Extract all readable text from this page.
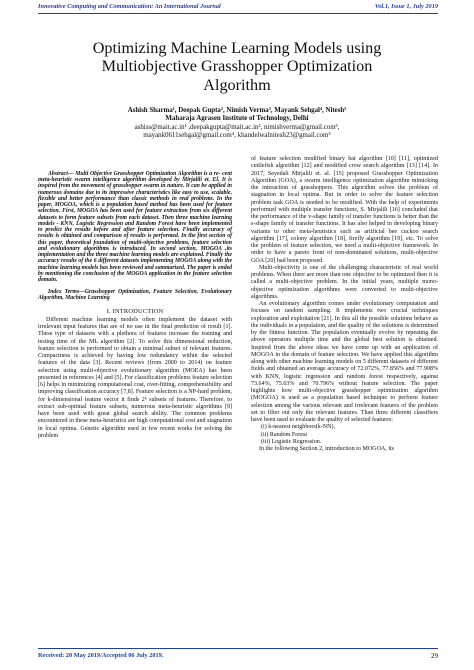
Innovative Computing and Communication: An International Journal	Vol.1, Issue 1, July 2019
Optimizing Machine Learning Models using
Multiobjective Grasshopper Optimization
Algorithm
Ashish Sharma¹, Deepak Gupta², Nimish Verma³, Mayank Sehgal⁴, Nitesh⁵
Maharaja Agrasen Institute of Technology, Delhi
ashiss@mait.ac.in¹ ,deepakgupta@mait.ac.in², nimishverma@gmail.com³,
mayank0611sehgal@gmail.com⁴, khandelwalnitesh23@gmail.com⁵

Abstract— Multi Objective Grasshopper Optimization Algorithm is a re- cent meta-heuristic swarm intelligence algorithm developed by Mirjalili et. El. It is inspired from the movement of grasshopper swarm in nature. It can be applied in numerous domains due to its impressive characteristics like easy to use, scalable, flexible and better performance than classic methods in real problems. In the paper, MOGOA, which is a population based method has been used for feature selection. First, MOGOA has been used for feature extraction from six different datasets to form feature subsets from each dataset. Then three machine learning models - KNN, Logistic Regression and Random Forest have been implemented to predict the results before and after feature selection. Finally accuracy of results is obtained and comparison of results is performed. In the first section of this paper, theoretical foundation of multi-objective problems, feature selection and evolutionary algorithms is introduced. In second section, MOGOA ,its implementation and the three machine learning models are explained. Finally the accuracy results of the 6 different datasets implementing MOGOA along with the machine learning models has been reviewed and summarized. The paper is ended by mentioning the conclusion of the MOGOA application in the feature selection domain.

Index Terms—Grasshopper Optimization, Feature Selection, Evolutionary Algorithm, Machine Learning

I. INTRODUCTION

Different machine learning models often implement the dataset with irrelevant input features that are of no use in the final prediction of result [1]. These type of datasets with a plethora of features increase the training and testing time of the ML algorithm [2]. To solve this dimensional reduction, feature selection is performed to obtain a minimal subset of relevant features. Compactness is achieved by having low redundancy within the selected features of the data [3]. Recent reviews (from 2000 to 2014) on feature selection using multi-objective evolutionary algorithm (MOEA) has been presented in references [4] and [5]. For classification problems feature selection [6] helps in minimizing computational cost, over-fitting, comprehensibility and improving classification accuracy [7,8]. Feature selection is a NP-hard problem, for k-dimensional feature vector it finds 2ᵏ subsets of features. Therefore, to extract sub-optimal feature subsets, numerous meta-heuristic algorithms [9] have been used with great global search ability. The common problems encountered in these meta-heuristics are high computational cost and stagnation in local optima. Genetic algorithm used in few recent works for solving the problem

of feature selection modified binary bat algorithm [10] [11], optimized cuttlefish algorithm [12] and modified crow search algorithm [13] [14]. In 2017, Seyedali Mirjalili et. al. [15] proposed Grasshopper Optimization Algorithm (GOA), a swarm intelligence optimization algorithm mimicking the interaction of grasshoppers. This algorithm solves the problem of stagnation in local optima. But in order to solve the feature selection problem task GOA is needed to be modified. With the help of experiments performed with multiple transfer functions, S. Mirjalili [16] concluded that the performance of the v-shape family of transfer functions is better than the s-shape family of transfer functions. It has also helped in developing binary variants to other meta-heuristics such as artificial bee cuckoo search algorithm [17], colony algorithm [18], firefly algorithm [19], etc. To solve the problem of feature selection, we need a multi-objective framework. In order to have a pareto front of non-dominated solutions, multi-objective GOA [20] had been proposed.

Multi-objectivity is one of the challenging characteristic of real world problems. When there are more than one objective to be optimized then it is called a multi-objective problem. In the initial years, multiple mono-objective optimization algorithms were converted to multi-objective algorithms.

An evolutionary algorithm comes under evolutionary computation and focuses on random sampling. It implements two crucial techniques exploration and exploitation [21]. In this all the possible solutions behave as the individuals in a population, and the quality of the solutions is determined by the fitness function. The population eventually evolve by repeating the above operators multiple time and the global best solution is obtained. Inspired from the above ideas we have come up with an application of MOGOA in the domain of feature selection. We have applied this algorithm along with other machine learning models on 5 different datasets of different fields and obtained an average accuracy of 72.072%, 77.856% and 77.908% with KNN, logistic regression and random forest respectively, against 73.64%, 75.63% and 70.796% without feature selection. The paper highlights how multi-objective grasshopper optimization algorithm (MOGOA) is used as a population based technique to perform feature selection among the various relevant and irrelevant features of the problem set to filter out only the relevant features. Than three different classifiers have been used to evaluate the quality of selected features:

(i) k-nearest neighbors(k-NN),

(ii) Random Forest

(iii) Logistic Regression.

In the following Section 2, introduction to MOGOA, its

Received: 20 May 2019/Accepted 06 July 2019.	29
